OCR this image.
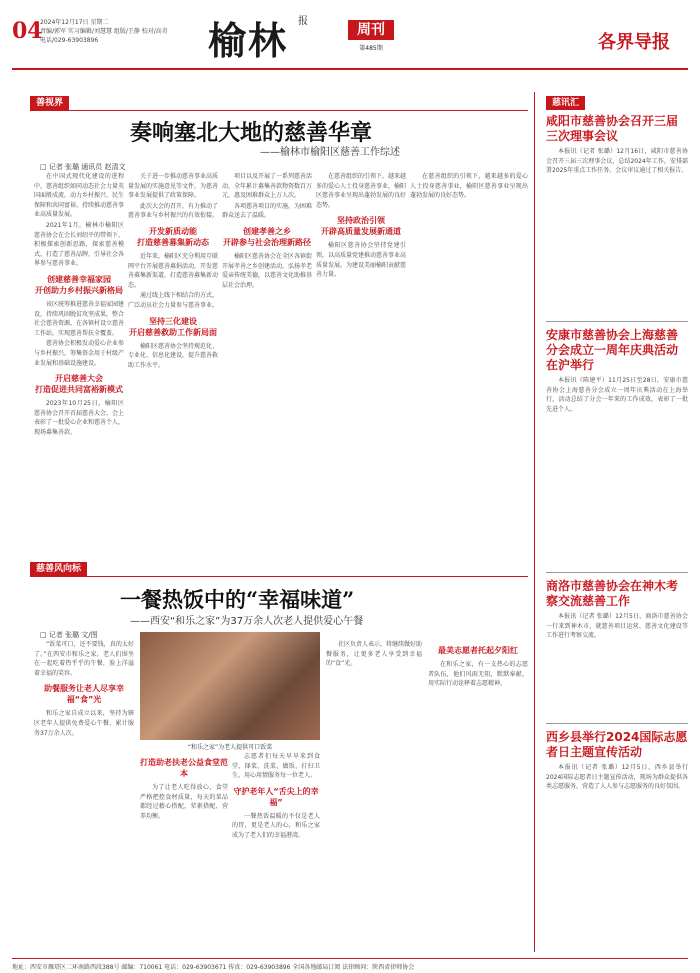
04
2024年12月17日 星期二
责编/郭军 实习编辑/刘慧慧 组版/王静 校对/高奇
电话/029-63903896	榆林 报
周刊
第485期	各界导报
善视界
奏响塞北大地的慈善华章
——榆林市榆阳区慈善工作综述
□ 记者 张璐 通讯员 赵清文

在中国式现代化建设的进程中，慈善组织如同动态社会力量英国面般成流，动力乡村振兴、民生保障和共同富裕，持续推动慈善事业高质量发展。

2021年1月，榆林市榆阳区慈善协会在会长刘绍平的带领下，积极探索创新思路，探索慈善模式，打造了慈善品牌，引导社会各界参与慈善事业。

创建慈善幸福家园
开创助力乡村振兴新格局

该区统筹推进慈善幸福家园建设，持续巩固脱贫攻坚成果，整合社会慈善资源，在各镇村设立慈善工作站，实现慈善帮扶全覆盖。

慈善协会积极发动爱心企业参与乡村振兴，筹集资金用于村级产业发展和基础设施建设。

开启慈善大会
打造促进共同富裕新模式

2023年10月25日，榆阳区慈善协会召开首届慈善大会，会上表彰了一批爱心企业和慈善个人，现场募集善款。

关于进一步推动慈善事业高质量发展的实施意见等文件，为慈善事业发展提供了政策保障。

此次大会的召开，有力推动了慈善事业与乡村振兴的有效衔接。

开发新质动能
打造慈善募集新动态

近年来，榆阳区充分利用互联网平台开展慈善募捐活动，开发慈善募集新渠道，打造慈善募集新动态。

通过线上线下相结合的方式，广泛动员社会力量参与慈善事业。

坚持三化建设
开启慈善救助工作新局面

榆阳区慈善协会坚持规范化、专业化、信息化建设，提升慈善救助工作水平。

项目以及开展了一系列慈善活动，全年累计募集善款物资数百万元，惠及困难群众上万人次。

各项慈善项目的实施，为困难群众送去了温暖。

创建孝善之乡
开辟参与社会治理新路径

榆阳区慈善协会在全区各镇街开展孝善之乡创建活动，弘扬孝老爱亲传统美德，以慈善文化助推基层社会治理。

在慈善组织的引领下，越来越多的爱心人士投身慈善事业，榆阳区慈善事业呈现出蓬勃发展的良好态势。

坚持政治引领
开辟高质量发展新通道

榆阳区慈善协会坚持党建引领，以高质量党建推动慈善事业高质量发展，为建设美丽榆阳贡献慈善力量。

在慈善组织的引领下，越来越多的爱心人士投身慈善事业，榆阳区慈善事业呈现出蓬勃发展的良好态势。

慈善风向标
一餐热饭中的“幸福味道”
——西安“和乐之家”为37万余人次老人提供爱心午餐
□ 记者 张璐 文/图

“饭菜可口，还不要钱，真的太好了。”在西安市和乐之家，老人们围坐在一起吃着热乎乎的午餐，脸上洋溢着幸福的笑容。

助餐服务让老人尽享幸福“食”光

和乐之家自成立以来，坚持为辖区老年人提供免费爱心午餐，累计服务37万余人次。

“和乐之家”为老人提供可口饭菜
打造助老扶老公益食堂范本

为了让老人吃得放心，食堂严格把控食材质量，每天的菜品都经过精心搭配，荤素搭配、营养均衡。

志愿者们每天早早来到食堂，择菜、洗菜、做饭、打扫卫生，用心用情服务每一位老人。

守护老年人“舌尖上的幸福”

一餐热饭温暖的不仅是老人的胃，更是老人的心，和乐之家成为了老人们的幸福港湾。

社区负责人表示，将继续做好助餐服务，让更多老人享受到幸福的“食”光。

最美志愿者托起夕阳红

在和乐之家，有一支热心的志愿者队伍，他们风雨无阻，默默奉献，用实际行动诠释着志愿精神。

慈讯汇
咸阳市慈善协会召开三届三次理事会议

本报讯（记者 张璐）12月16日，咸阳市慈善协会召开三届三次理事会议，总结2024年工作，安排部署2025年重点工作任务。会议审议通过了相关报告。

安康市慈善协会上海慈善分会成立一周年庆典活动在沪举行

本报讯（陈建平）11月25日至28日，安康市慈善协会上海慈善分会成立一周年庆典活动在上海举行，活动总结了分会一年来的工作成效，表彰了一批先进个人。

商洛市慈善协会在神木考察交流慈善工作

本报讯（记者 张璐）12月5日，商洛市慈善协会一行来到神木市，就慈善项目运营、慈善文化建设等工作进行考察交流。

西乡县举行2024国际志愿者日主题宣传活动

本报讯（记者 张璐）12月5日，西乡县举行2024国际志愿者日主题宣传活动，现场为群众提供各类志愿服务，营造了人人参与志愿服务的良好氛围。

地址：西安市雁塔区二环南路西段388号 邮编：710061 电话：029-63903671 传真：029-63903896 全国各地邮局订阅 法律顾问：陕西省律师协会
